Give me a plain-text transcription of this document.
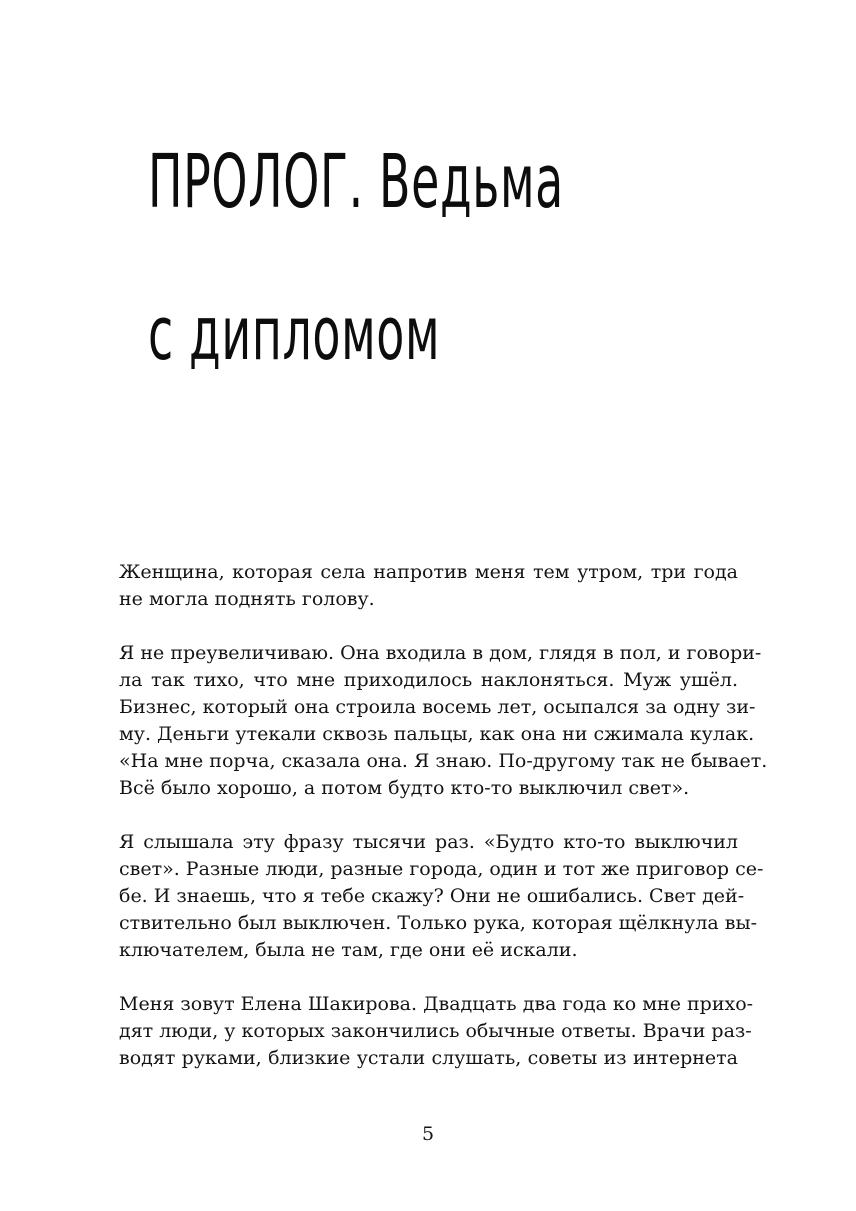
ПРОЛОГ. Ведьма
с дипломом

Женщина, которая села напротив меня тем утром, три года
не могла поднять голову.

Я не преувеличиваю. Она входила в дом, глядя в пол, и говори-
ла так тихо, что мне приходилось наклоняться. Муж ушёл.
Бизнес, который она строила восемь лет, осыпался за одну зи-
му. Деньги утекали сквозь пальцы, как она ни сжимала кулак.
«На мне порча, сказала она. Я знаю. По-другому так не бывает.
Всё было хорошо, а потом будто кто-то выключил свет».

Я слышала эту фразу тысячи раз. «Будто кто-то выключил
свет». Разные люди, разные города, один и тот же приговор се-
бе. И знаешь, что я тебе скажу? Они не ошибались. Свет дей-
ствительно был выключен. Только рука, которая щёлкнула вы-
ключателем, была не там, где они её искали.

Меня зовут Елена Шакирова. Двадцать два года ко мне прихо-
дят люди, у которых закончились обычные ответы. Врачи раз-
водят руками, близкие устали слушать, советы из интернета

5
